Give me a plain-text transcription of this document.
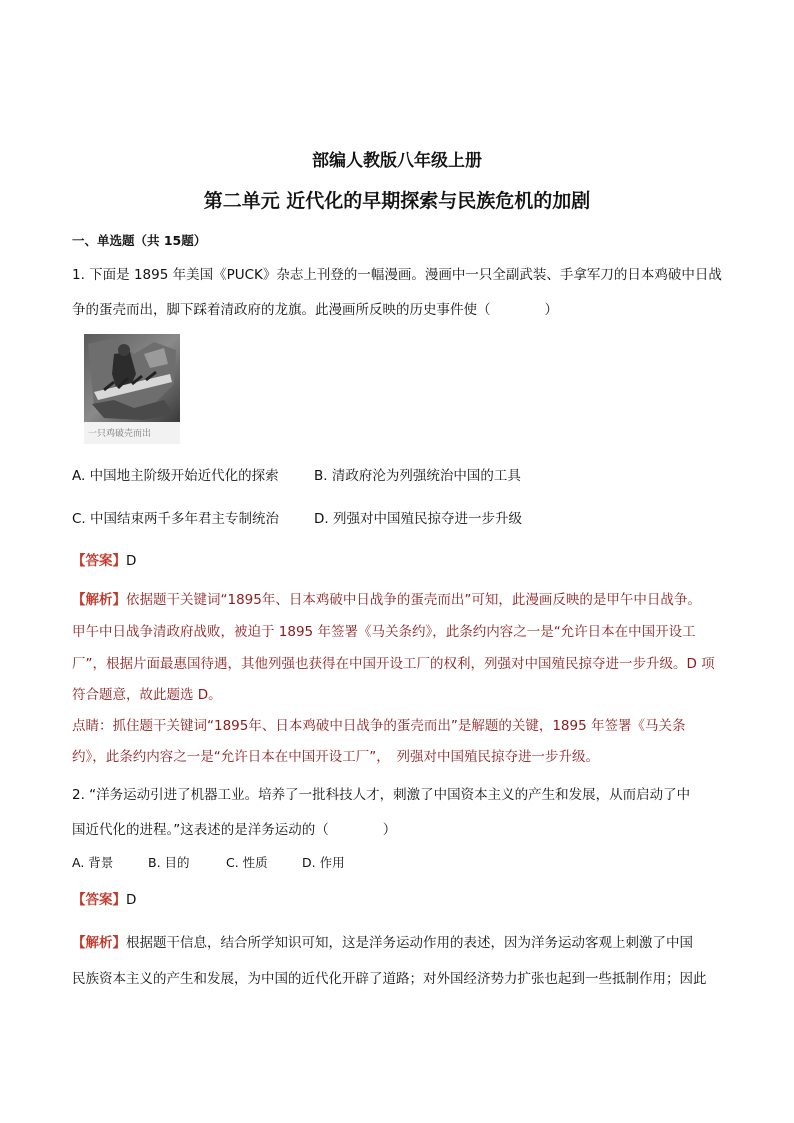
部编人教版八年级上册
第二单元 近代化的早期探索与民族危机的加剧
一、单选题（共 15题）
1. 下面是 1895 年美国《PUCK》杂志上刊登的一幅漫画。漫画中一只全副武装、手拿军刀的日本鸡破中日战
争的蛋壳而出，脚下踩着清政府的龙旗。此漫画所反映的历史事件使（　　　　）
一只鸡破壳而出
A. 中国地主阶级开始近代化的探索	B. 清政府沦为列强统治中国的工具
C. 中国结束两千多年君主专制统治	D. 列强对中国殖民掠夺进一步升级
【答案】D
【解析】依据题干关键词“1895年、日本鸡破中日战争的蛋壳而出”可知，此漫画反映的是甲午中日战争。
甲午中日战争清政府战败，被迫于 1895 年签署《马关条约》，此条约内容之一是“允许日本在中国开设工
厂”，根据片面最惠国待遇，其他列强也获得在中国开设工厂的权利，列强对中国殖民掠夺进一步升级。D 项
符合题意，故此题选 D。
点睛：抓住题干关键词“1895年、日本鸡破中日战争的蛋壳而出”是解题的关键，1895 年签署《马关条
约》，此条约内容之一是“允许日本在中国开设工厂”，　列强对中国殖民掠夺进一步升级。
2. “洋务运动引进了机器工业。培养了一批科技人才，刺激了中国资本主义的产生和发展，从而启动了中
国近代化的进程。”这表述的是洋务运动的（　　　　）
A. 背景	B. 目的	C. 性质	D. 作用
【答案】D
【解析】根据题干信息，结合所学知识可知，这是洋务运动作用的表述，因为洋务运动客观上刺激了中国
民族资本主义的产生和发展，为中国的近代化开辟了道路；对外国经济势力扩张也起到一些抵制作用；因此
